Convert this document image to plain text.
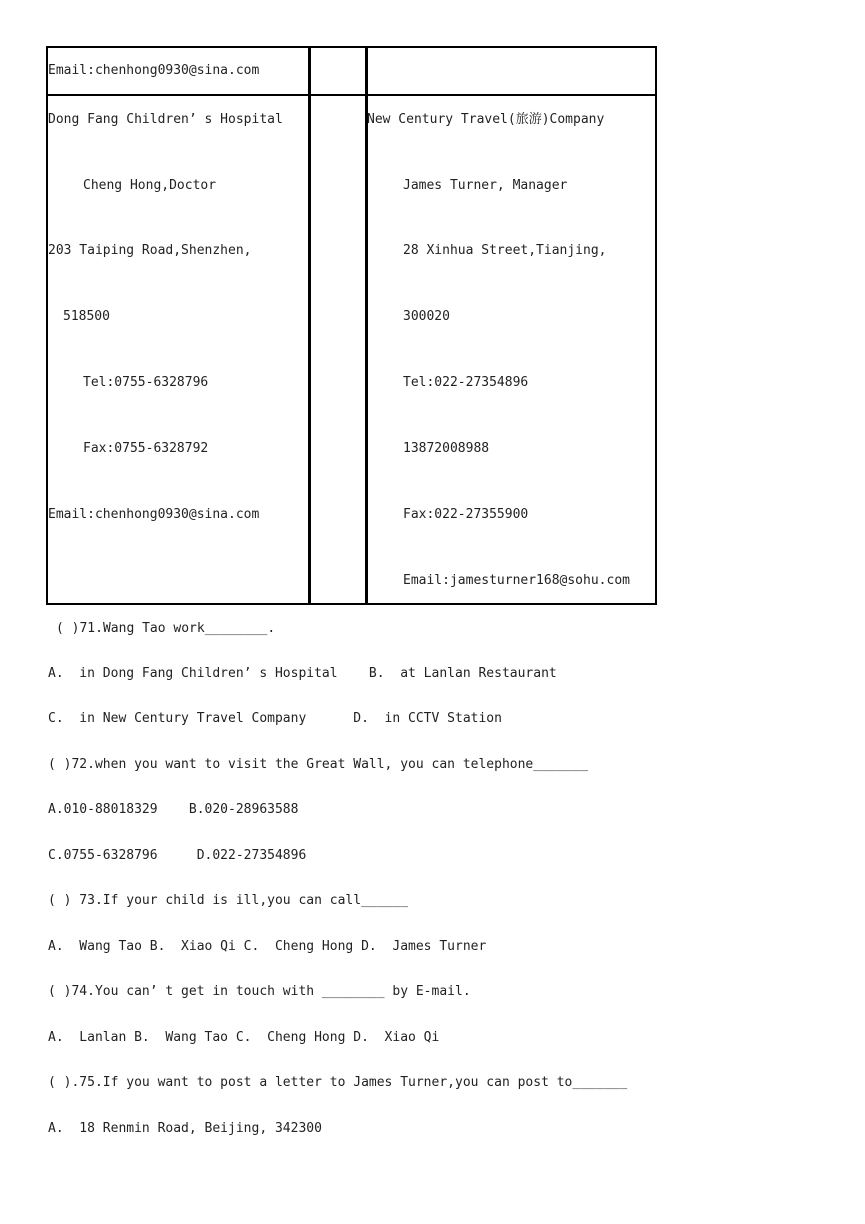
Email:chenhong0930@sina.com
Dong Fang Children’ s Hospital
Cheng Hong,Doctor
203 Taiping Road,Shenzhen,
518500
Tel:0755-6328796
Fax:0755-6328792
Email:chenhong0930@sina.com
New Century Travel(旅游)Company
James Turner, Manager
28 Xinhua Street,Tianjing,
300020
Tel:022-27354896
13872008988
Fax:022-27355900
Email:jamesturner168@sohu.com
( )71.Wang Tao work________.
A.  in Dong Fang Children’ s Hospital    B.  at Lanlan Restaurant
C.  in New Century Travel Company      D.  in CCTV Station
( )72.when you want to visit the Great Wall, you can telephone_______
A.010-88018329    B.020-28963588
C.0755-6328796     D.022-27354896
( ) 73.If your child is ill,you can call______
A.  Wang Tao B.  Xiao Qi C.  Cheng Hong D.  James Turner
( )74.You can’ t get in touch with ________ by E-mail.
A.  Lanlan B.  Wang Tao C.  Cheng Hong D.  Xiao Qi
( ).75.If you want to post a letter to James Turner,you can post to_______
A.  18 Renmin Road, Beijing, 342300
